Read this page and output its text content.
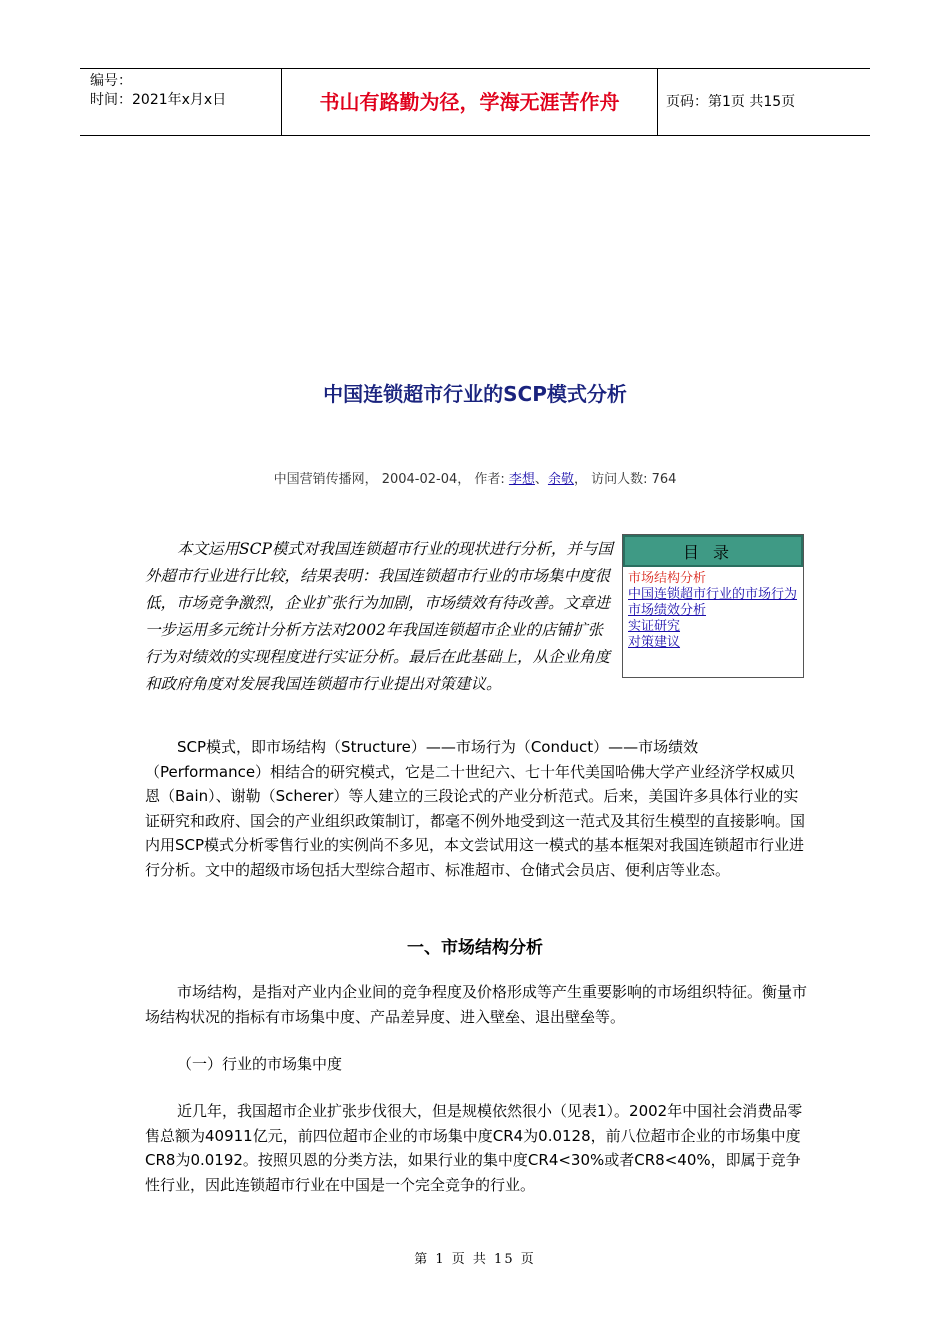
编号：
时间：2021年x月x日	书山有路勤为径，学海无涯苦作舟	页码：第1页 共15页
中国连锁超市行业的SCP模式分析
中国营销传播网， 2004-02-04， 作者: 李想、余敬， 访问人数: 764
本文运用SCP模式对我国连锁超市行业的现状进行分析，并与国外超市行业进行比较，结果表明：我国连锁超市行业的市场集中度很低，市场竞争激烈，企业扩张行为加剧，市场绩效有待改善。文章进一步运用多元统计分析方法对2002年我国连锁超市企业的店铺扩张行为对绩效的实现程度进行实证分析。最后在此基础上，从企业角度和政府角度对发展我国连锁超市行业提出对策建议。
目录
市场结构分析
中国连锁超市行业的市场行为
市场绩效分析
实证研究
对策建议
SCP模式，即市场结构（Structure）——市场行为（Conduct）——市场绩效（Performance）相结合的研究模式，它是二十世纪六、七十年代美国哈佛大学产业经济学权威贝恩（Bain）、谢勒（Scherer）等人建立的三段论式的产业分析范式。后来，美国许多具体行业的实证研究和政府、国会的产业组织政策制订，都毫不例外地受到这一范式及其衍生模型的直接影响。国内用SCP模式分析零售行业的实例尚不多见，本文尝试用这一模式的基本框架对我国连锁超市行业进行分析。文中的超级市场包括大型综合超市、标准超市、仓储式会员店、便利店等业态。
一、市场结构分析
市场结构，是指对产业内企业间的竞争程度及价格形成等产生重要影响的市场组织特征。衡量市场结构状况的指标有市场集中度、产品差异度、进入壁垒、退出壁垒等。
（一）行业的市场集中度
近几年，我国超市企业扩张步伐很大，但是规模依然很小（见表1）。2002年中国社会消费品零售总额为40911亿元，前四位超市企业的市场集中度CR4为0.0128，前八位超市企业的市场集中度CR8为0.0192。按照贝恩的分类方法，如果行业的集中度CR4<30%或者CR8<40%，即属于竞争性行业，因此连锁超市行业在中国是一个完全竞争的行业。
第 1 页 共 15 页
